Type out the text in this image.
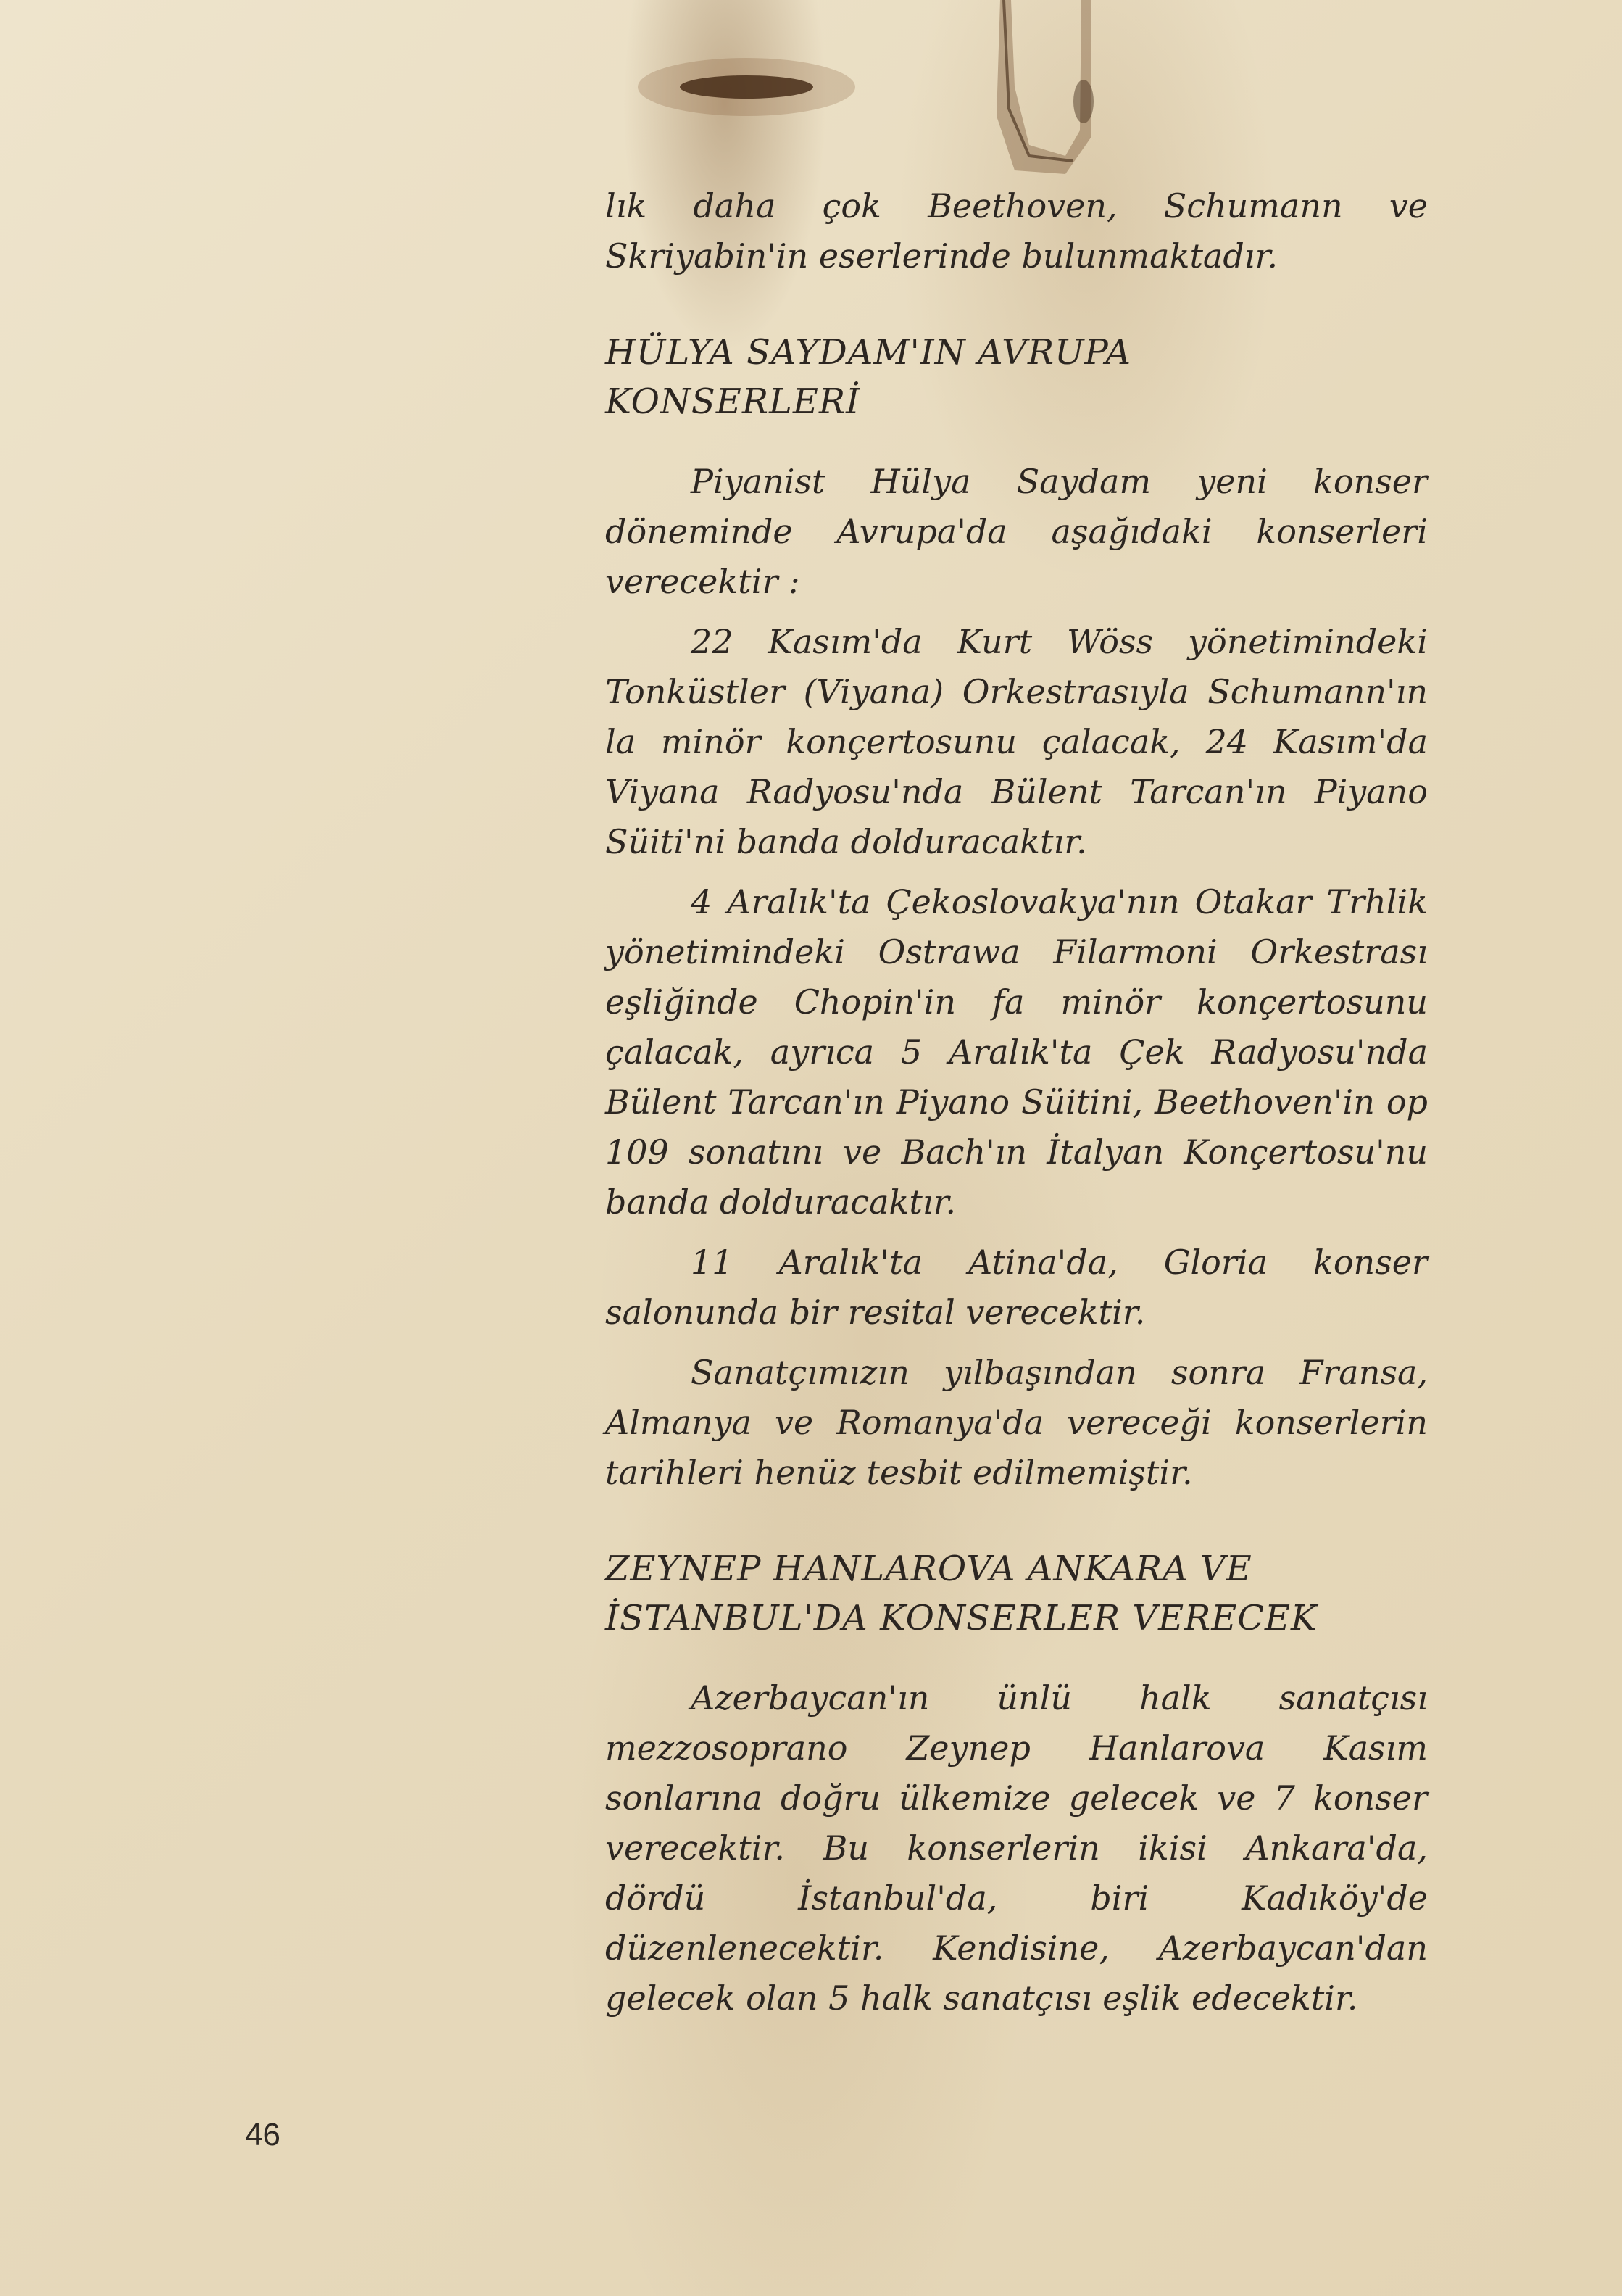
lık daha çok Beethoven, Schumann ve Skriyabin'in eserlerinde bulunmaktadır.

HÜLYA SAYDAM'IN AVRUPA

KONSERLERİ

Piyanist Hülya Saydam yeni konser döneminde Avrupa'da aşağıdaki konserleri verecektir :

22 Kasım'da Kurt Wöss yönetimindeki Tonküstler (Viyana) Orkestrasıyla Schumann'ın la minör konçertosunu çalacak, 24 Kasım'da Viyana Radyosu'nda Bülent Tarcan'ın Piyano Süiti'ni banda dolduracaktır.

4 Aralık'ta Çekoslovakya'nın Otakar Trhlik yönetimindeki Ostrawa Filarmoni Orkestrası eşliğinde Chopin'in fa minör konçertosunu çalacak, ayrıca 5 Aralık'ta Çek Radyosu'nda Bülent Tarcan'ın Piyano Süitini, Beethoven'in op 109 sonatını ve Bach'ın İtalyan Konçertosu'nu banda dolduracaktır.

11 Aralık'ta Atina'da, Gloria konser salonunda bir resital verecektir.

Sanatçımızın yılbaşından sonra Fransa, Almanya ve Romanya'da vereceği konserlerin tarihleri henüz tesbit edilmemiştir.

ZEYNEP HANLAROVA ANKARA VE

İSTANBUL'DA KONSERLER VERECEK

Azerbaycan'ın ünlü halk sanatçısı mezzosoprano Zeynep Hanlarova Kasım sonlarına doğru ülkemize gelecek ve 7 konser verecektir. Bu konserlerin ikisi Ankara'da, dördü İstanbul'da, biri Kadıköy'de düzenlenecektir. Kendisine, Azerbaycan'dan gelecek olan 5 halk sanatçısı eşlik edecektir.

46
